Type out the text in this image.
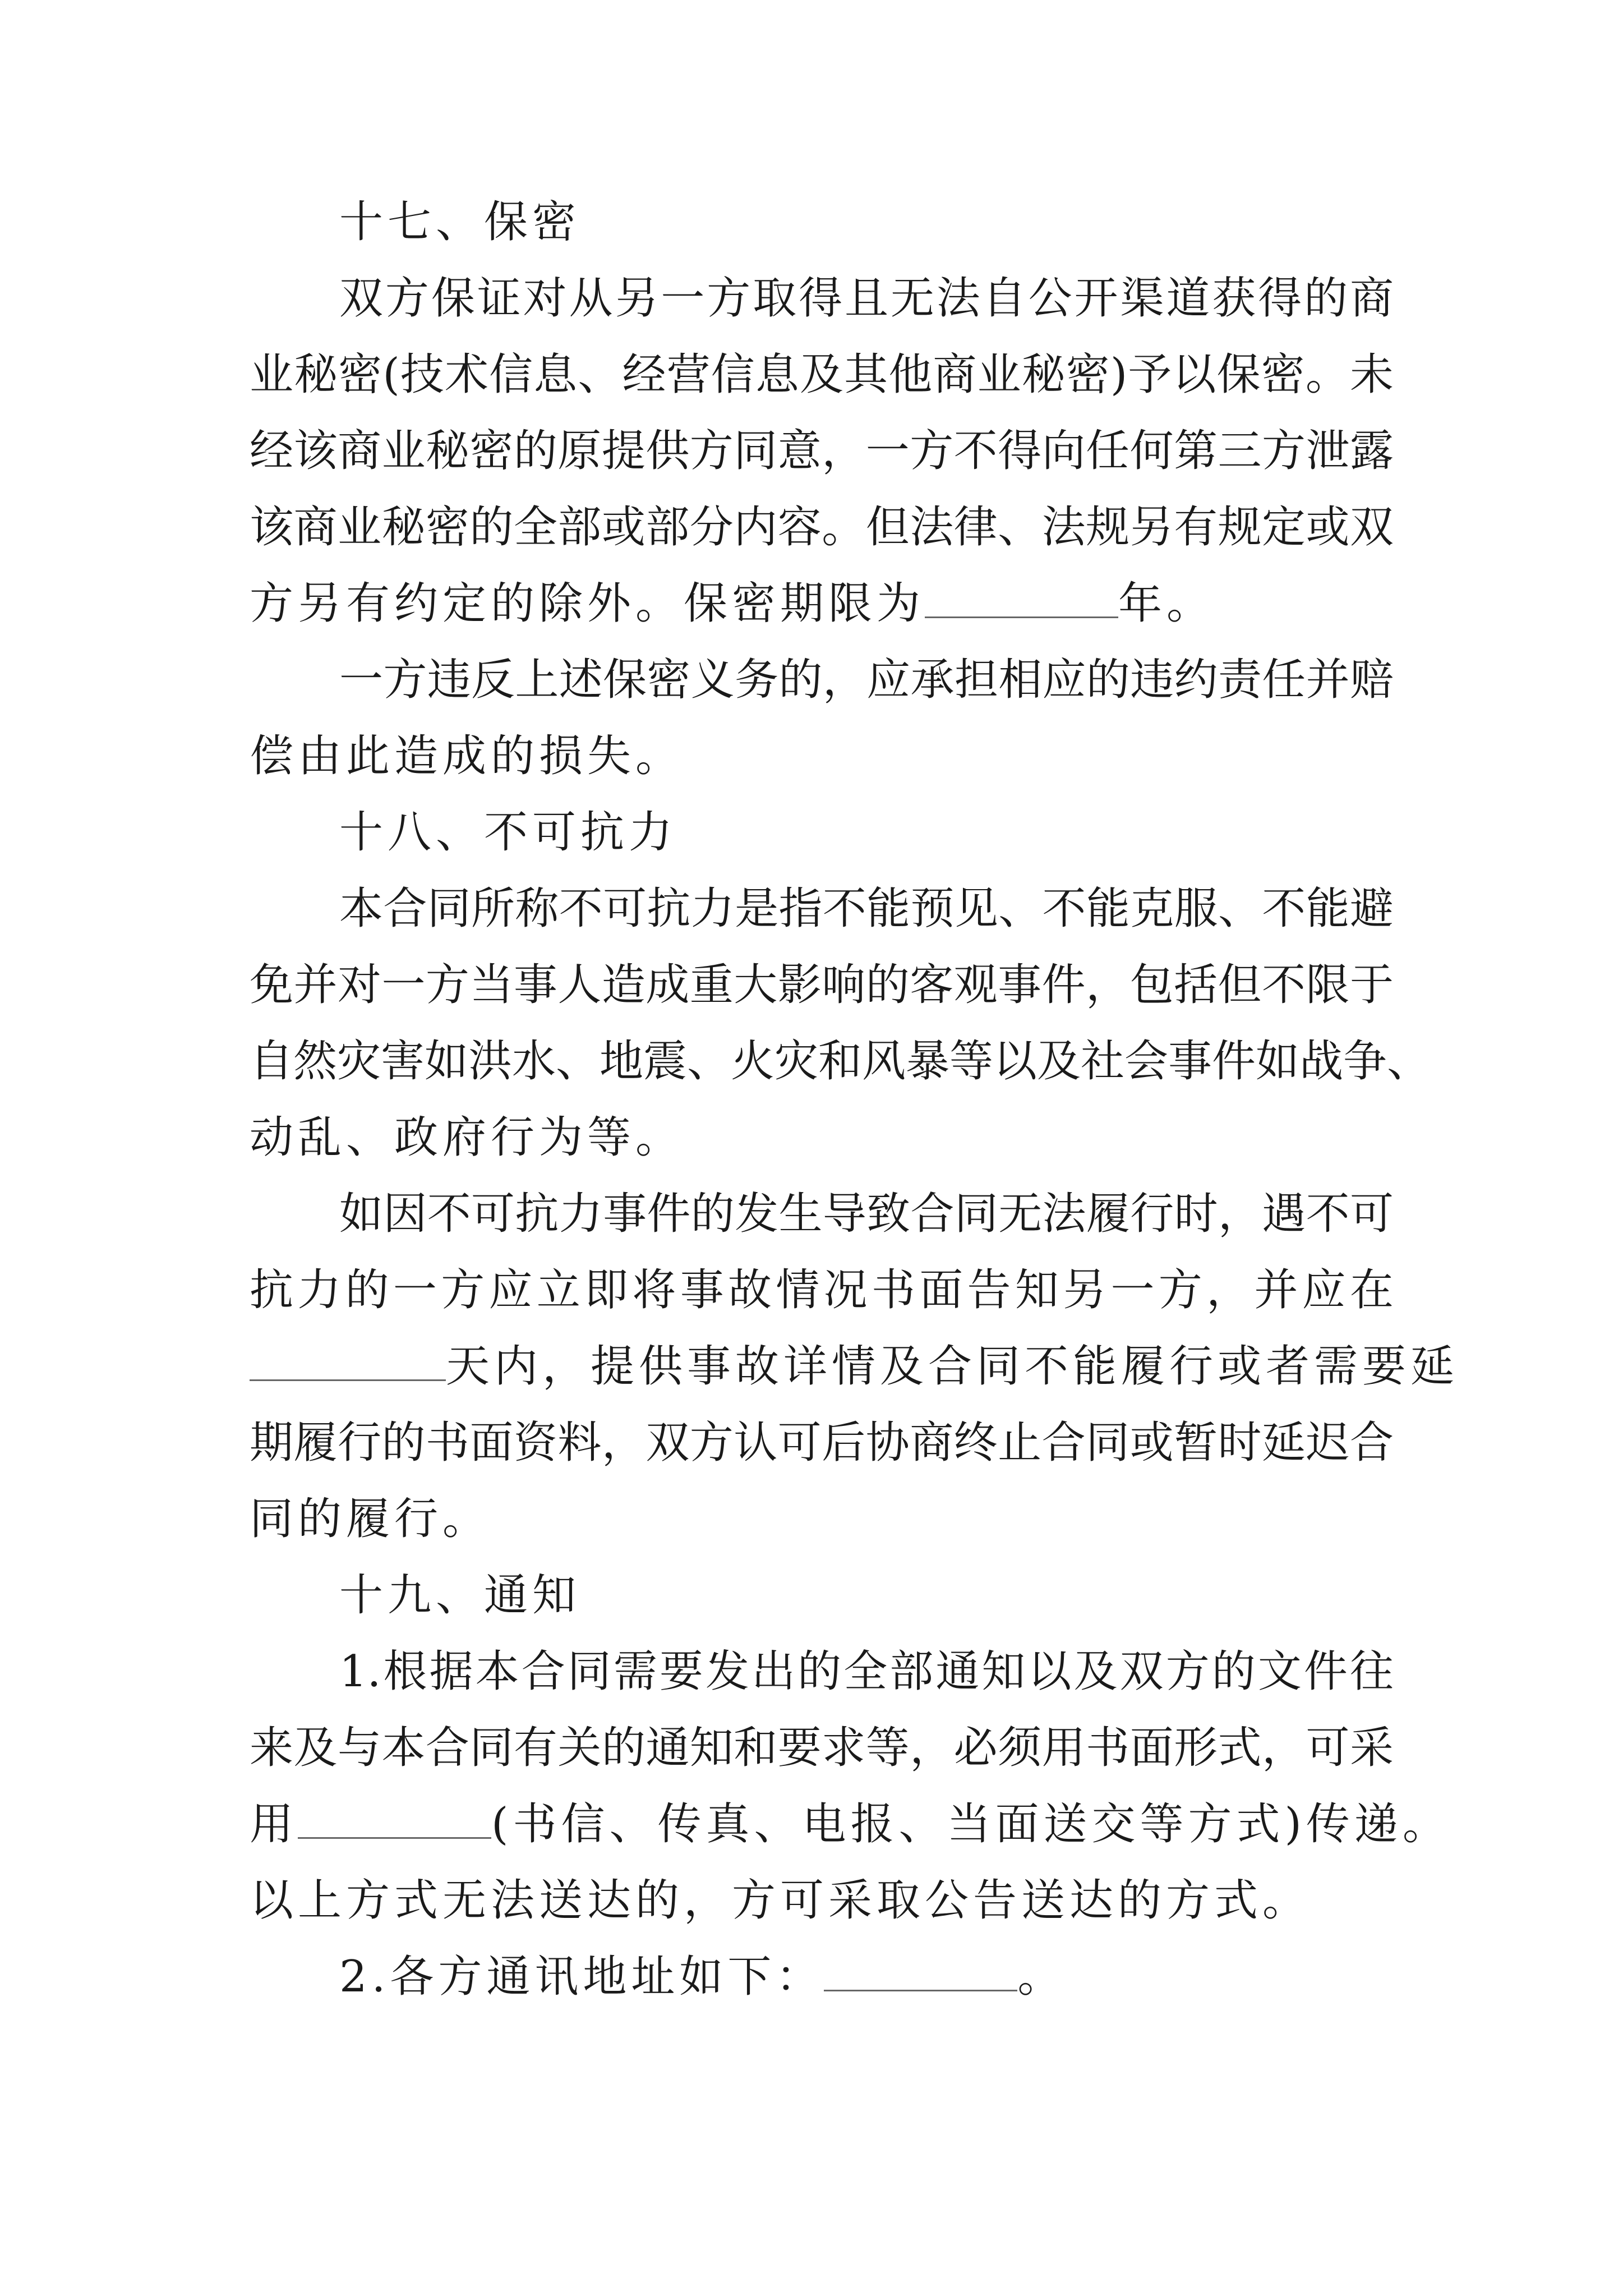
十七、保密
双方保证对从另一方取得且无法自公开渠道获得的商
业秘密(技术信息、经营信息及其他商业秘密)予以保密。未
经该商业秘密的原提供方同意，一方不得向任何第三方泄露
该商业秘密的全部或部分内容。但法律、法规另有规定或双
方另有约定的除外。保密期限为	年。
一方违反上述保密义务的，应承担相应的违约责任并赔
偿由此造成的损失。
十八、不可抗力
本合同所称不可抗力是指不能预见、不能克服、不能避
免并对一方当事人造成重大影响的客观事件，包括但不限于
自然灾害如洪水、地震、火灾和风暴等以及社会事件如战争、
动乱、政府行为等。
如因不可抗力事件的发生导致合同无法履行时，遇不可
抗力的一方应立即将事故情况书面告知另一方，并应在
天内，提供事故详情及合同不能履行或者需要延
期履行的书面资料，双方认可后协商终止合同或暂时延迟合
同的履行。
十九、通知
1.根据本合同需要发出的全部通知以及双方的文件往
来及与本合同有关的通知和要求等，必须用书面形式，可采
用	(书信、传真、电报、当面送交等方式)传递。
以上方式无法送达的，方可采取公告送达的方式。
2.各方通讯地址如下：	。
